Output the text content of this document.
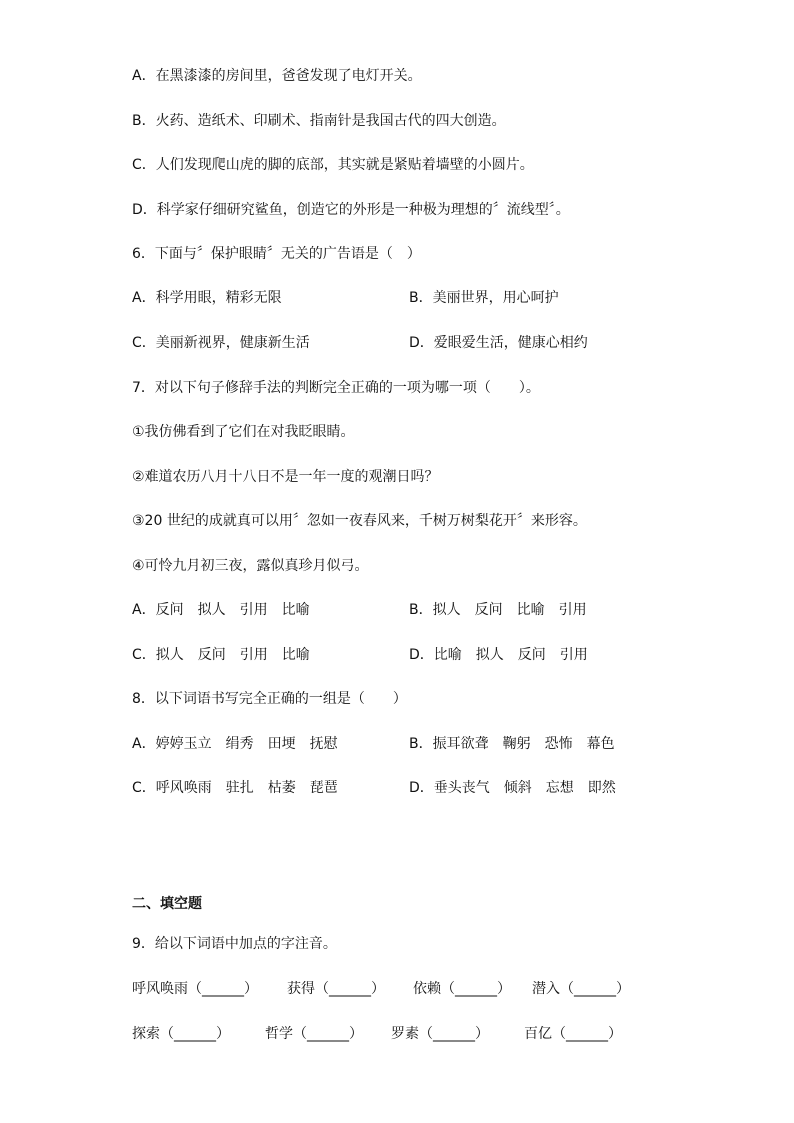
A．在黑漆漆的房间里，爸爸发现了电灯开关。
B．火药、造纸术、印刷术、指南针是我国古代的四大创造。
C．人们发现爬山虎的脚的底部，其实就是紧贴着墙壁的小圆片。
D．科学家仔细研究鲨鱼，创造它的外形是一种极为理想的〞流线型〞。
6．下面与〞保护眼睛〞无关的广告语是（　）
A．科学用眼，精彩无限	B．美丽世界，用心呵护
C．美丽新视界，健康新生活	D．爱眼爱生活，健康心相约
7．对以下句子修辞手法的判断完全正确的一项为哪一项（　　）。
①我仿佛看到了它们在对我眨眼睛。
②难道农历八月十八日不是一年一度的观潮日吗？
③20 世纪的成就真可以用〞忽如一夜春风来，千树万树梨花开〞来形容。
④可怜九月初三夜，露似真珍月似弓。
A．反问　拟人　引用　比喻	B．拟人　反问　比喻　引用
C．拟人　反问　引用　比喻	D．比喻　拟人　反问　引用
8．以下词语书写完全正确的一组是（　　）
A．婷婷玉立　绢秀　田埂　抚慰	B．振耳欲聋　鞠躬　恐怖　幕色
C．呼风唤雨　驻扎　枯萎　琵琶	D．垂头丧气　倾斜　忘想　即然
二、填空题
9．给以下词语中加点的字注音。
呼风唤雨（______） 获得（______） 依赖（______） 潜入（______）
探索（______）	哲学（______） 罗素（______）	百亿（______）
